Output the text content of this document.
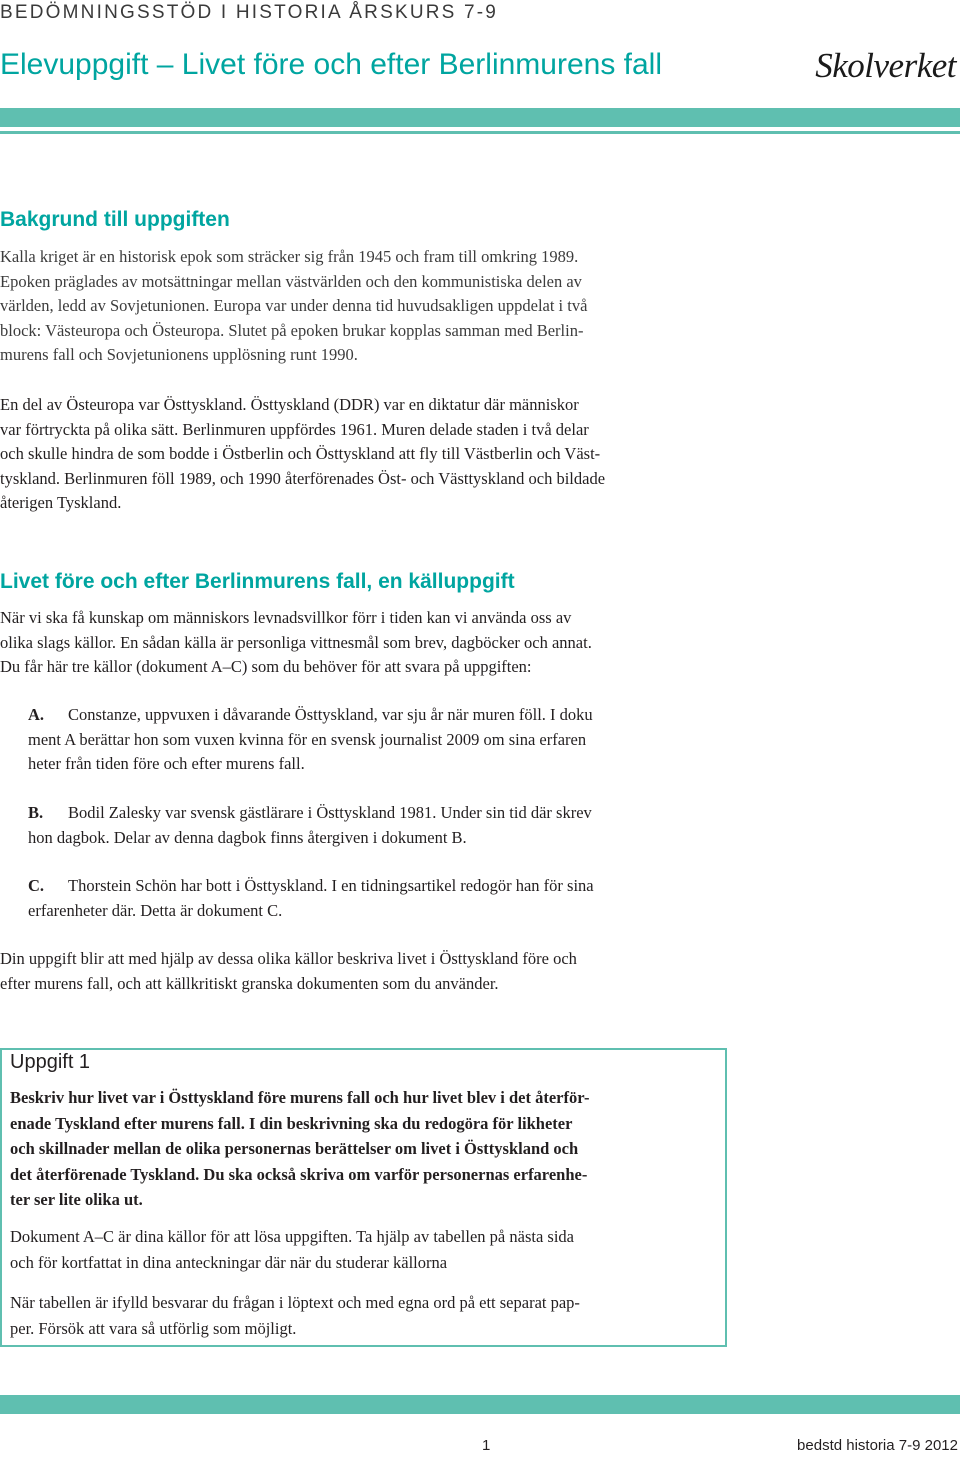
BEDÖMNINGSSTÖD I HISTORIA ÅRSKURS 7-9
Elevuppgift – Livet före och efter Berlinmurens fall	Skolverket
Bakgrund till uppgiften
Kalla kriget är en historisk epok som sträcker sig från 1945 och fram till omkring 1989.
Epoken präglades av motsättningar mellan västvärlden och den kommunistiska delen av
världen, ledd av Sovjetunionen. Europa var under denna tid huvudsakligen uppdelat i två
block: Västeuropa och Östeuropa. Slutet på epoken brukar kopplas samman med Berlin-
murens fall och Sovjetunionens upplösning runt 1990.
En del av Östeuropa var Östtyskland. Östtyskland (DDR) var en diktatur där människor
var förtryckta på olika sätt. Berlinmuren uppfördes 1961. Muren delade staden i två delar
och skulle hindra de som bodde i Östberlin och Östtyskland att fly till Västberlin och Väst-
tyskland. Berlinmuren föll 1989, och 1990 återförenades Öst- och Västtyskland och bildade
återigen Tyskland.
Livet före och efter Berlinmurens fall, en källuppgift
När vi ska få kunskap om människors levnadsvillkor förr i tiden kan vi använda oss av
olika slags källor. En sådan källa är personliga vittnesmål som brev, dagböcker och annat.
Du får här tre källor (dokument A–C) som du behöver för att svara på uppgiften:
A. Constanze, uppvuxen i dåvarande Östtyskland, var sju år när muren föll. I doku
ment A berättar hon som vuxen kvinna för en svensk journalist 2009 om sina erfaren
heter från tiden före och efter murens fall.
B. Bodil Zalesky var svensk gästlärare i Östtyskland 1981. Under sin tid där skrev
hon dagbok. Delar av denna dagbok finns återgiven i dokument B.
C. Thorstein Schön har bott i Östtyskland. I en tidningsartikel redogör han för sina
erfarenheter där. Detta är dokument C.
Din uppgift blir att med hjälp av dessa olika källor beskriva livet i Östtyskland före och
efter murens fall, och att källkritiskt granska dokumenten som du använder.
Uppgift 1
Beskriv hur livet var i Östtyskland före murens fall och hur livet blev i det återför-
enade Tyskland efter murens fall. I din beskrivning ska du redogöra för likheter
och skillnader mellan de olika personernas berättelser om livet i Östtyskland och
det återförenade Tyskland. Du ska också skriva om varför personernas erfarenhe-
ter ser lite olika ut.
Dokument A–C är dina källor för att lösa uppgiften. Ta hjälp av tabellen på nästa sida
och för kortfattat in dina anteckningar där när du studerar källorna
När tabellen är ifylld besvarar du frågan i löptext och med egna ord på ett separat pap-
per. Försök att vara så utförlig som möjligt.
1	bedstd historia 7-9 2012
